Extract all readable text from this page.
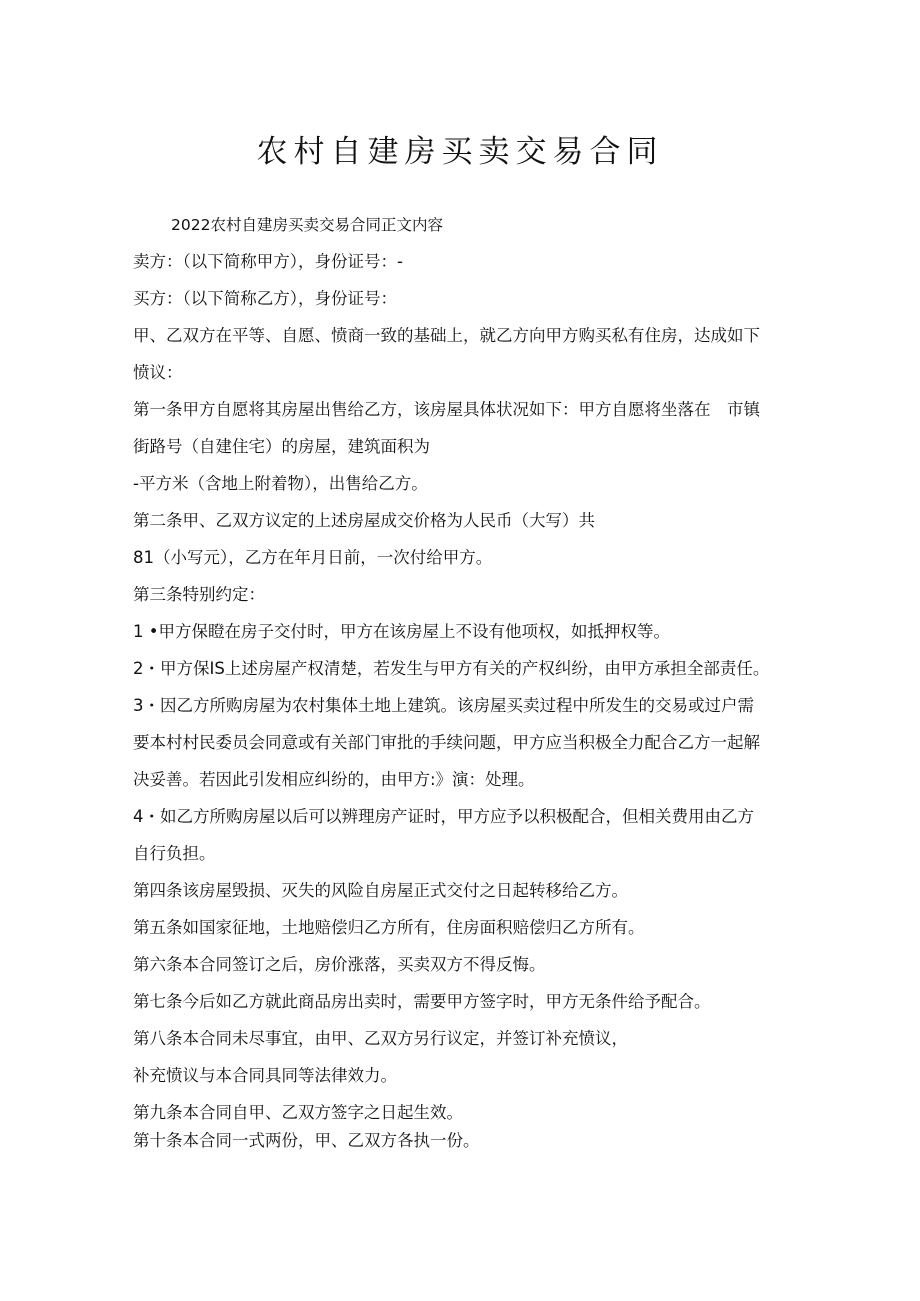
农村自建房买卖交易合同

2022农村自建房买卖交易合同正文内容

卖方：（以下简称甲方），身份证号：-

买方：（以下简称乙方），身份证号：

甲、乙双方在平等、自愿、愤商一致的基础上，就乙方向甲方购买私有住房，达成如下

愤议：

第一条甲方自愿将其房屋出售给乙方，该房屋具体状况如下：甲方自愿将坐落在　市镇

街路号（自建住宅）的房屋，建筑面积为

-平方米（含地上附着物），出售给乙方。

第二条甲、乙双方议定的上述房屋成交价格为人民币（大写）共

81（小写元），乙方在年月日前，一次付给甲方。

第三条特别约定：

1 •甲方保瞪在房子交付时，甲方在该房屋上不设有他项权，如抵押权等。

2・甲方保IS上述房屋产权清楚，若发生与甲方有关的产权纠纷，由甲方承担全部责任。

3・因乙方所购房屋为农村集体土地上建筑。该房屋买卖过程中所发生的交易或过户需

要本村村民委员会同意或有关部门审批的手续问题，甲方应当积极全力配合乙方一起解

决妥善。若因此引发相应纠纷的，由甲方:》演：处理。

4・如乙方所购房屋以后可以辨理房产证时，甲方应予以积极配合，但相关费用由乙方

自行负担。

第四条该房屋毁损、灭失的风险自房屋正式交付之日起转移给乙方。

第五条如国家征地，土地赔偿归乙方所有，住房面积赔偿归乙方所有。

第六条本合同签订之后，房价涨落，买卖双方不得反悔。

第七条今后如乙方就此商品房出卖时，需要甲方签字时，甲方无条件给予配合。

第八条本合同未尽事宜，由甲、乙双方另行议定，并签订补充愤议，

补充愤议与本合同具同等法律效力。

第九条本合同自甲、乙双方签字之日起生效。

第十条本合同一式两份，甲、乙双方各执一份。
